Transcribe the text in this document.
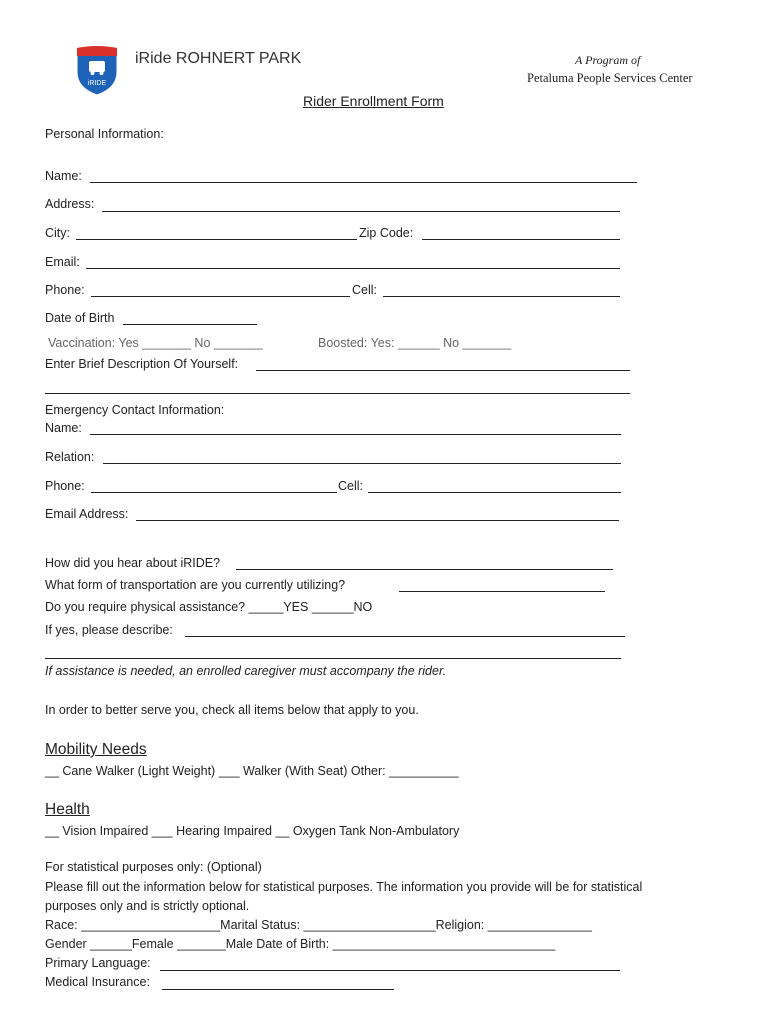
iRIDE
iRide ROHNERT PARK	A Program of
Petaluma People Services Center
Rider Enrollment Form
Personal Information:
Name:
Address:
City:	Zip Code:
Email:
Phone:	Cell:
Date of Birth
Vaccination: Yes _______ No _______	Boosted: Yes: ______ No _______
Enter Brief Description Of Yourself:
Emergency Contact Information:
Name:
Relation:
Phone:	Cell:
Email Address:
How did you hear about iRIDE?
What form of transportation are you currently utilizing?
Do you require physical assistance? _____YES ______NO
If yes, please describe:
If assistance is needed, an enrolled caregiver must accompany the rider.
In order to better serve you, check all items below that apply to you.
Mobility Needs
__ Cane Walker (Light Weight) ___ Walker (With Seat) Other: __________
Health
__ Vision Impaired ___ Hearing Impaired __ Oxygen Tank Non-Ambulatory
For statistical purposes only: (Optional)
Please fill out the information below for statistical purposes. The information you provide will be for statistical
purposes only and is strictly optional.
Race: ____________________Marital Status: ___________________Religion: _______________
Gender ______Female _______Male Date of Birth: ________________________________
Primary Language:
Medical Insurance:
